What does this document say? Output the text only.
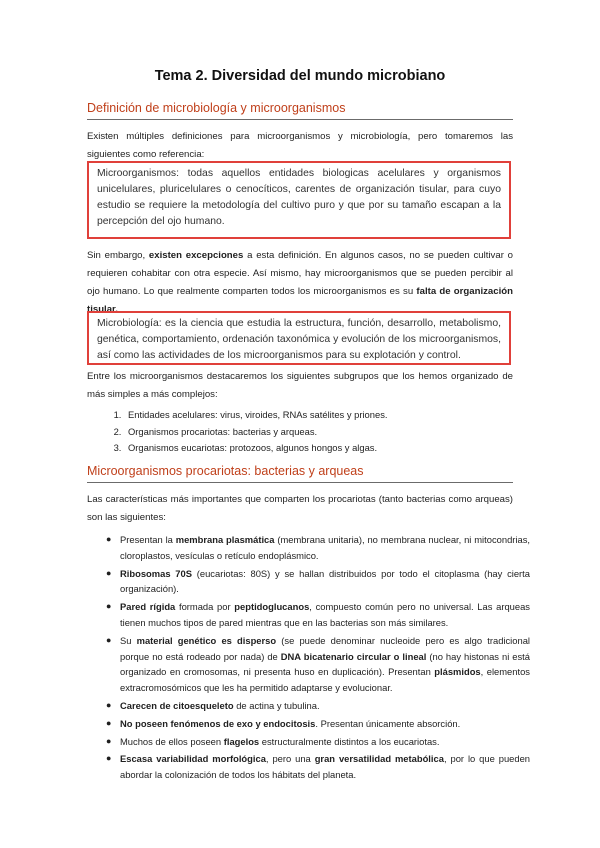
Tema 2. Diversidad del mundo microbiano
Definición de microbiología y microorganismos
Existen múltiples definiciones para microorganismos y microbiología, pero tomaremos las siguientes como referencia:
Microorganismos: todas aquellos entidades biologicas acelulares y organismos unicelulares, pluricelulares o cenocíticos, carentes de organización tisular, para cuyo estudio se requiere la metodología del cultivo puro y que por su tamaño escapan a la percepción del ojo humano.
Sin embargo, existen excepciones a esta definición. En algunos casos, no se pueden cultivar o requieren cohabitar con otra especie. Así mismo, hay microorganismos que se pueden percibir al ojo humano. Lo que realmente comparten todos los microorganismos es su falta de organización tisular.
Microbiología: es la ciencia que estudia la estructura, función, desarrollo, metabolismo, genética, comportamiento, ordenación taxonómica y evolución de los microorganismos, así como las actividades de los microorganismos para su explotación y control.
Entre los microorganismos destacaremos los siguientes subgrupos que los hemos organizado de más simples a más complejos:
1. Entidades acelulares: virus, viroides, RNAs satélites y priones.
2. Organismos procariotas: bacterias y arqueas.
3. Organismos eucariotas: protozoos, algunos hongos y algas.
Microorganismos procariotas: bacterias y arqueas
Las características más importantes que comparten los procariotas (tanto bacterias como arqueas) son las siguientes:
● Presentan la membrana plasmática (membrana unitaria), no membrana nuclear, ni mitocondrias, cloroplastos, vesículas o retículo endoplásmico.
● Ribosomas 70S (eucariotas: 80S) y se hallan distribuidos por todo el citoplasma (hay cierta organización).
● Pared rígida formada por peptidoglucanos, compuesto común pero no universal. Las arqueas tienen muchos tipos de pared mientras que en las bacterias son más similares.
● Su material genético es disperso (se puede denominar nucleoide pero es algo tradicional porque no está rodeado por nada) de DNA bicatenario circular o lineal (no hay histonas ni está organizado en cromosomas, ni presenta huso en duplicación). Presentan plásmidos, elementos extracromosómicos que les ha permitido adaptarse y evolucionar.
● Carecen de citoesqueleto de actina y tubulina.
● No poseen fenómenos de exo y endocitosis. Presentan únicamente absorción.
● Muchos de ellos poseen flagelos estructuralmente distintos a los eucariotas.
● Escasa variabilidad morfológica, pero una gran versatilidad metabólica, por lo que pueden abordar la colonización de todos los hábitats del planeta.
